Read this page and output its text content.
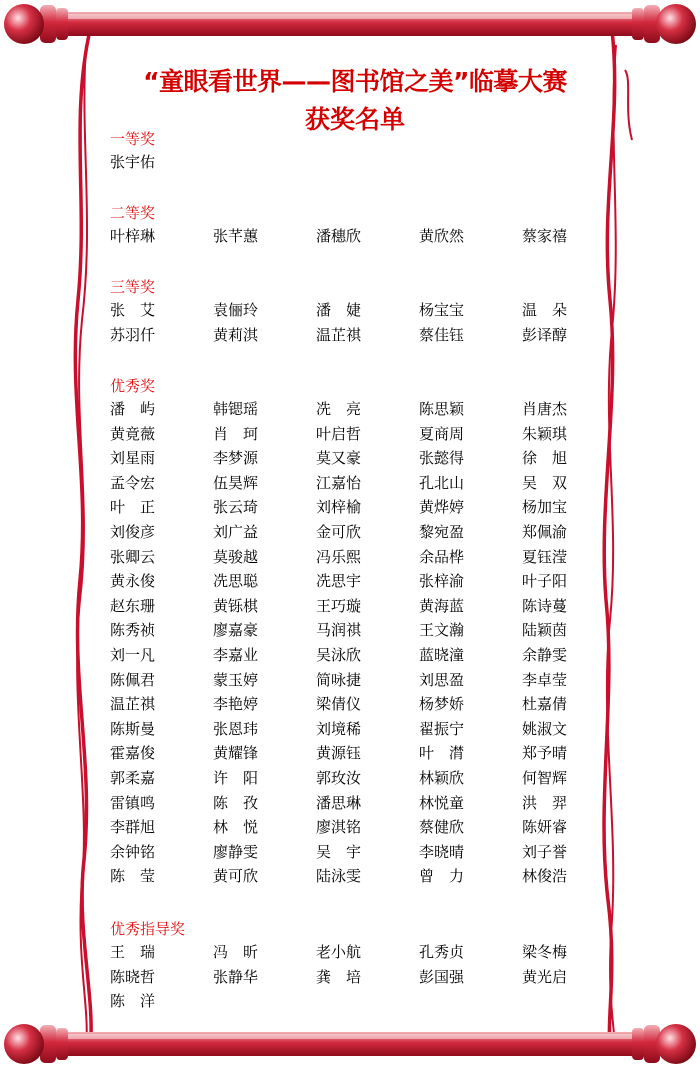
“童眼看世界——图书馆之美”临摹大赛
获奖名单
一等奖
张宇佑
二等奖
叶梓琳	张芊蕙	潘穗欣	黄欣然	蔡家禧
三等奖
张　艾	袁俪玲	潘　婕	杨宝宝	温　朵
苏羽仟	黄莉淇	温芷祺	蔡佳钰	彭译醇
优秀奖
潘　屿	韩锶瑶	冼　亮	陈思颖	肖唐杰
黄竟薇	肖　珂	叶启哲	夏商周	朱颖琪
刘星雨	李梦源	莫又豪	张懿得	徐　旭
孟令宏	伍昊辉	江嘉怡	孔北山	吴　双
叶　正	张云琦	刘梓榆	黄烨婷	杨加宝
刘俊彦	刘广益	金可欣	黎宛盈	郑佩渝
张卿云	莫骏越	冯乐熙	余品桦	夏钰滢
黄永俊	冼思聪	冼思宇	张梓渝	叶子阳
赵东珊	黄铄棋	王巧璇	黄海蓝	陈诗蔓
陈秀祯	廖嘉豪	马润祺	王文瀚	陆颖茵
刘一凡	李嘉业	吴泳欣	蓝晓潼	余静雯
陈佩君	蒙玉婷	简咏捷	刘思盈	李卓莹
温芷祺	李艳婷	梁倩仪	杨梦娇	杜嘉倩
陈斯曼	张恩玮	刘境稀	翟振宁	姚淑文
霍嘉俊	黄耀锋	黄源钰	叶　潸	郑予晴
郭柔嘉	许　阳	郭玫汝	林颖欣	何智辉
雷镇鸣	陈　孜	潘思琳	林悦童	洪　羿
李群旭	林　悦	廖淇铭	蔡健欣	陈妍睿
余钟铭	廖静雯	吴　宇	李晓晴	刘子誉
陈　莹	黄可欣	陆泳雯	曾　力	林俊浩
优秀指导奖
王　瑞	冯　昕	老小航	孔秀贞	梁冬梅
陈晓哲	张静华	龚　培	彭国强	黄光启
陈　洋
